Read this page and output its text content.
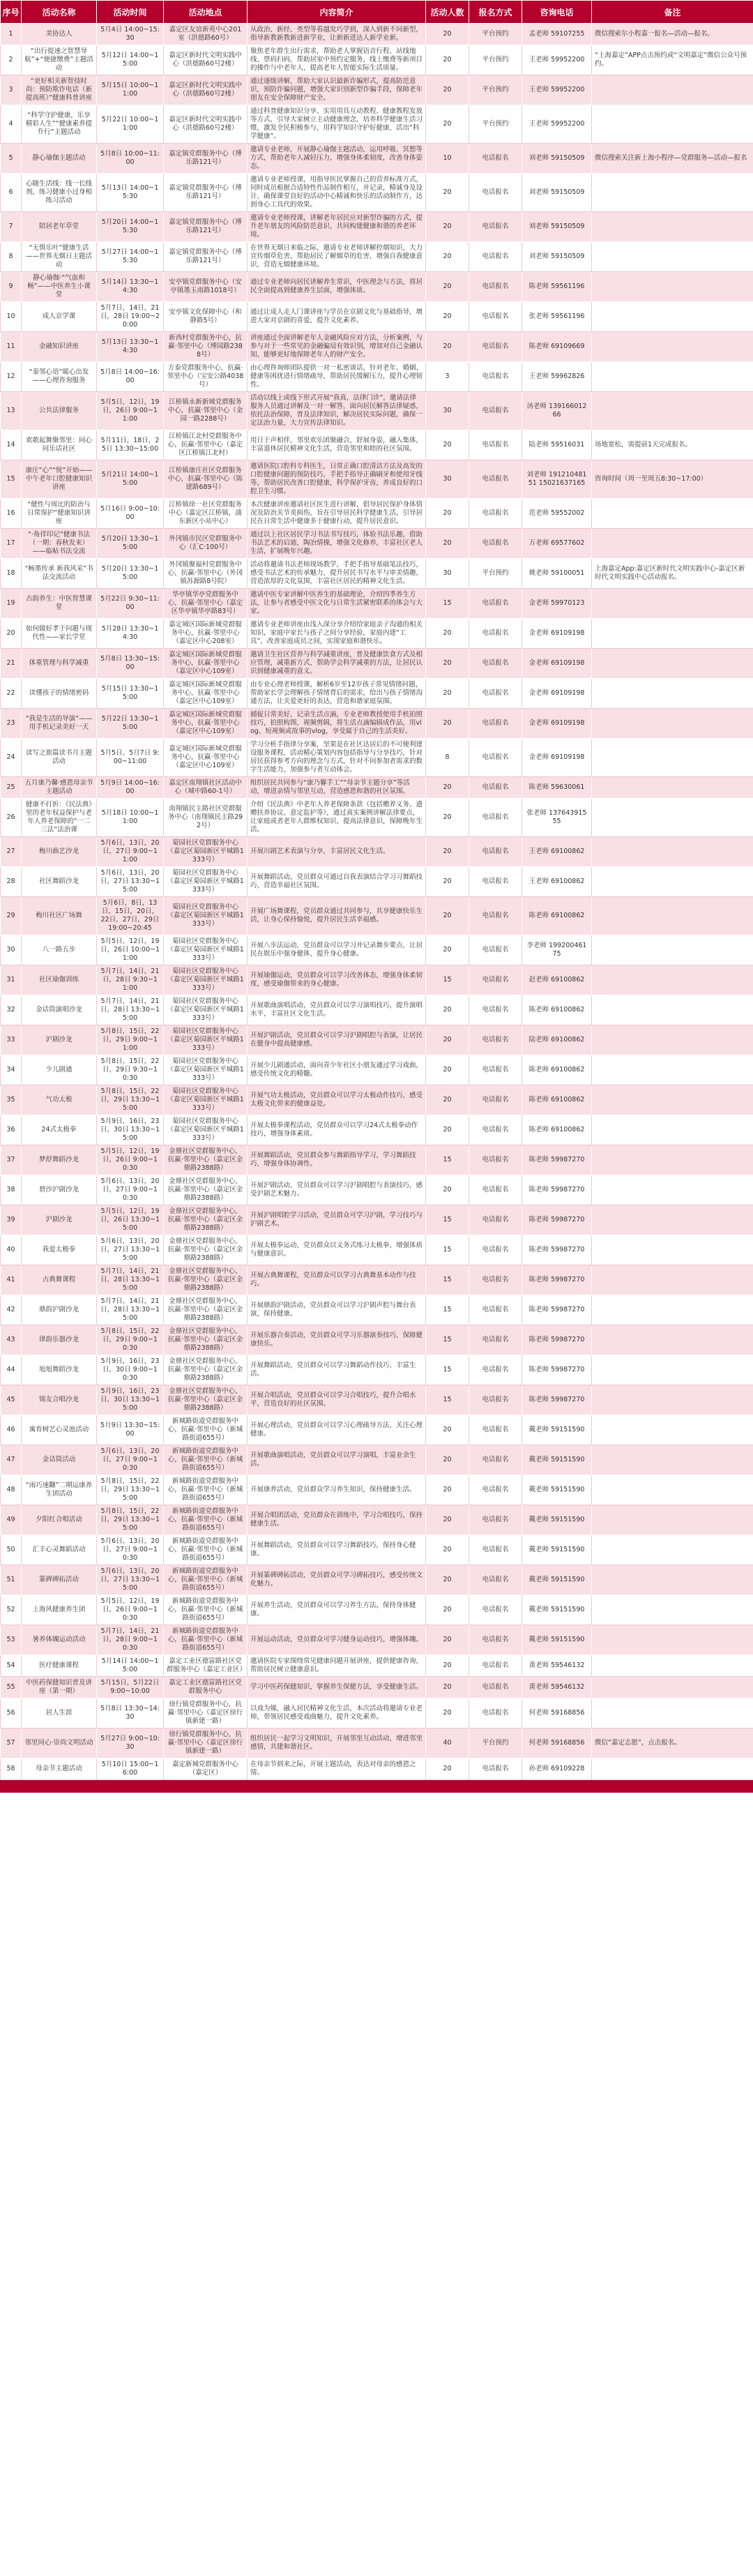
序号	活动名称	活动时间	活动地点	内容简介	活动人数	报名方式	咨询电话	备注
1	美协达人	5月4日 14:00~15:30	嘉定区友谊新苑中心201室（洪德路60号）	从政治、新经、类型等看越发巧学到，深入到新不同新型，指导新教新教新进新学业，让新新进达人新学业新。	20	平台预约	孟老师 59107255	微信搜索尔小程嘉一报名—活动—报名。
2	“出行提速之智慧导航”+“便捷缴费”主题活动	5月12日 14:00~15:00	嘉定区新时代文明实践中心（洪德路60号2楼）	聚焦老年群生出行需求，帮助老人掌握语音行程、站线地线、票码扫码，帮助居家中预约定服务，线上缴费等新项目的操作与中老年人，提高老年人智能实际生活质量。	20	平台预约	王老师 59952200	“上海嘉定”APP点击预约或“文明嘉定”微信公众号预约。
3	“更好相关新智技时尚：预防欺诈电话（新提高班）”健康科普讲座	5月15日 10:00~11:00	嘉定区新时代文明实践中心（洪德路60号2楼）	通过逐级讲解，帮助大家认识最新诈骗形式，提高防范意识，预防诈骗问题，增强大家识别新型诈骗手段，保障老年朋友在安全保障财产安全。	20	平台预约	王老师 59952200	
4	“科学守护健康，乐享精彩人生”“健康素养提升行”主题活动	5月22日 10:00~11:00	嘉定区新时代文明实践中心（洪德路60号2楼）	通过科普健康知识分享、实用用具互动教程、健康教程发放等方式，引导大家树立主动健康理念，培养科学健康生活习惯，激发全民积极参与，用科学知识守护好健康，活出“科学健康”。	20	平台预约	王老师 59952200	
5	静心瑜伽主题活动	5月8日 10:00~11:00	嘉定镇党群服务中心（博乐路121号）	邀请专业老师，开展静心瑜伽主题活动，运用呼吸、冥想等方式，帮助老年人减轻压力，增强身体柔韧度，改善身体姿态。	10	电话报名	刘老师 59150509	微信搜索关注新上海小程序—党群服务—活动—报名
6	心随生活线：线一长线剂，练习健康小过身相练习活动	5月13日 14:00~15:30	嘉定镇党群服务中心（博乐路121号）	邀请专业老师授课，用指导医民掌握自己的营养标准方式，同时成员根据合适特性作品制作相互，并记录，精诚身及设计，确保课堂良好的活动中心精诚和快乐的活动制作方，达到身心工具代的效果。	20	电话报名	刘老师 59150509	
7	陪居老年草堂	5月20日 14:00~15:30	嘉定镇党群服务中心（博乐路121号）	邀请专业老师授课，讲解老年居民应对新型诈骗的方式，提升老年朋友的风险防范意识，共同构建健康和谐的养老环境。	20	电话报名	刘老师 59150509	
8	“无惧乐叶”健康生活——世界无烟日主题活动	5月27日 14:00~15:30	嘉定镇党群服务中心（博乐路121号）	在世界无烟日来临之际，邀请专业老师讲解控烟知识，大力宣传烟草危害，帮助居民了解烟草的危害，增强自我健康意识，营造无烟健康环境。	20	电话报名	刘老师 59150509	
9	静心瑜伽·“气血和畅”——中医养生小课堂	5月14日 13:30~14:30	安亭镇党群服务中心（安亭镇墨玉南路1018号）	通过专业老师向居民讲解养生常识，中医理念与方法，将居民全面提高到健康养生层面，增强体质。	20	电话报名	陈老师 59561196	
10	成人京学课	5月7日，14日，21日，28日 19:00~20:00	安亭镇文化保障中心（和静路5号）	通过让成人走人门课讲座与学员在京剧文化与基础指导，增进大家对京剧的喜爱，提升文化素养。	20	电话报名	张老师 59561196	
11	金融知识讲座	5月13日 13:30~14:30	新西村党群服务中心，抗赢·邻里中心（博园路2388号）	讲座通过全面讲解老年人金融风险应对方法，分析案例，与参与对于一些常见的金融骗局有效识别，增加对自己金融认知，能够更好地保障老年人的财产安全。	20	电话报名	陈老师 69109669	
12	“泰邻心语”暖心出发——心理咨询服务	5月8日 14:00~16:00	方泰党群服务中心，抗赢·邻里中心（宝安公路4038号）	由心理咨询师团队提供一对一私密谈话，针对老年、婚姻、健康等困扰进行情绪疏导，帮助居民缓解压力，提升心理韧性。	3	电话报名	王老师 59962826	
13	公共法律服务	5月5日，12日，19日，26日 9:00~11:00	江桥镇永新新城党群服务中心，抗赢·邻里中心（金园一路2288号）	活动以线上或线下形式开展“我真，法律门诊”，邀请法律服务人员通过讲解及一对一解答，面向居民解答法律疑惑，依托法治保障，普及法律知识，解决居民实际问题，确保一定法治力量，大力宣传法律知识。	30	电话报名	汤老师 13916601266	
14	欢歌起舞聚邻里：同心同乐话社区	5月11日，18日，25日 13:30~15:00	江桥镇江北村党群服务中心，抗赢·邻里中心（嘉定区江桥镇江北村）	用日于声相伴，邻里欢乐团聚融合，舒展身姿，融入集体，丰富退休居民精神文化生活，营造邻里和睦的社区氛围。	20	电话报名	陆老师 59516031	场地宽松，需提前1天完成报名。
15	康庄“心”“悦”开始——中午老年口腔健康知识讲座	5月21日 14:00~15:00	江桥镇康庄社区党群服务中心，抗赢·邻里中心（陈建路689号）	邀请医院口腔科专科医生，日常正确口腔清洁方法及高发的口腔健康问题的预防技巧，手把手指导正确刷牙和使用牙线等，帮助居民改善口腔健康，科学保护牙齿，养成良好的口腔卫生习惯。	30	电话报名	刘老师 19121048151 15021637165	咨询时间（周一至周五8:30~17:00）
16	“健性与周比的防治与日常保护”健康知识讲座	5月16日 9:00~10:00	江桥镇徐一社区党群服务中心（嘉定区江桥镇，浦东新区小站中心）	本次健康讲座邀请社区医生进行讲解，倡导居民保护身体情况及防治关节炎损伤，旨在引导居民科学健康生活，引导居民在日常生活中健康多于健康行动，提升居民意识。	20	电话报名	范老师 59552002	
17	“·角徉印记”健康书法（一期：春秋发来）——临帖书法交流	5月20日 13:30~15:00	外冈镇市民区党群服务中心（汇C·100号）	通过以上社区居民学习书法书写技巧，体验书法乐趣，借助书法艺术的启迪，陶冶情操，增强文化修养，丰富社区老人生活，扩展晚年兴趣。	20	电话报名	万老师 69577602	
18	“畅墨传承 新我风采”书法交流活动	5月20日 13:30~15:00	外冈镇聚福村党群服务中心，抗赢·邻里中心（外冈镇苏源路8号院）	活动将邀请书法老师现场教学，手把手指导基础笔法技巧，感受书法艺术的传承魅力，提升居民书写水平与审美情趣，营造浓厚的文化氛围，丰富社区居民的精神文化生活。	30	平台预约	姚老师 59100051	上海嘉定App:嘉定区新时代文明实践中心-嘉定区新时代文明实践中心活动报名。
19	古韵养生：中医智慧课堂	5月22日 9:30~11:00	华亭镇华亭党群服务中心，抗赢·邻里中心（嘉定区华亭镇华亭路83号）	邀请中医专家讲解中医养生的基础理论，介绍四季养生方法，让参与者感受中医文化与日常生活紧密联系的体会与大家。	15	电话报名	金老师 59970123	
20	如何做好孝于问题与现代性——家长学堂	5月28日 13:30~14:30	嘉定城区国际新城党群服务中心，抗赢·邻里中心（嘉定区中心208室）	邀请专业老师讲座由浅入深分享介绍给家庭亲子沟通的相关知识，家庭中家长与孩子之间分享经验，家庭内建“工具”，改善家庭成员之间，实现家庭和谐快乐。	20	电话报名	金老师 69109198	
21	体重管理与科学减重	5月8日 13:30~15:00	嘉定城区国际新城党群服务中心，抗赢·邻里中心（嘉定区中心109室）	邀请卫生社区营养与科学减重讲座，普及健康饮食方式及相应管理，减重新方式，帮助学会科学减重的方法，让居民认识到健康减重的意义。	20	电话报名	金老师 69109198	
22	读懂孩子的情绪密码	5月15日 13:30~15:00	嘉定城区国际新城党群服务中心，抗赢·邻里中心（嘉定区中心109室）	由专业心理老师授课，解析6岁至12岁孩子常见情绪问题，帮助家长学会理解孩子情绪背后的需求，给出与孩子情绪沟通方法，让关爱更好的表达，营造和谐家庭氛围。	20	电话报名	金老师 69109198	
23	“我是生活的导演”——用手机记录美好一天	5月22日 13:30~15:00	嘉定城区国际新城党群服务中心，抗赢·邻里中心（嘉定区中心109室）	捕捉日常美好，记录生活点滴，专业老师教授使用手机拍照技巧，拍照构图，视频剪辑，将生活点滴编辑成作品，用vlog、短视频或故事的vlog，享受属于自己的生活美好。	20	电话报名	金老师 69109198	
24	读写之旅篇读书月主题活动	5月5日、5月7日 9:00~11:00	嘉定城区国际新城党群服务中心，抗赢·邻里中心（嘉定区中心109室）	学习分析手指律分享案，坚果是在社区达居后的不可便利建设服务课程，活动精心策划内容包括指导与分享技巧，针对居民获得参考方向的理念与方式，针对不同参加者需求的数字生活能力，加强参与者互动体会。	8	电话报名	金老师 69109198	
25	五月康乃馨·感恩母亲节主题活动	5月9日 14:00~16:00	嘉定区南翔镇社区活动中心（城中路60-1号）	组织居民共同参与“康乃馨手工”“母亲节主题分享”等活动，增进亲情与邻里互动，营造感恩和谐的社区氛围。	20	电话报名	陈老师 59630061	
26	健康不打折：《民法典》里的老年权益保护与老年人养老保障的“一二三法”法治课	5月18日 10:00~11:00	南翔镇民主路社区党群服务中心（南翔镇民主路292号）	介绍《民法典》中老年人养老保障条款（包括赡养义务、遗赠扶养协议、意定监护等），通过真实案例讲解法律要点，让家庭或者老年人群维权知识，提高法律意识，保障晚年生活。	20	电话报名	张老师 13764391555	
27	梅川曲艺沙龙	5月6日，13日，20日，27日 9:00~11:00	菊园社区党群服务中心（嘉定区菊园新区平城路1333号）	开展川剧艺术表演与分享，丰富居民文化生活。	20	电话报名	王老师 69100862	
28	社区舞蹈沙龙	5月6日，13日，20日，27日 13:30~15:00	菊园社区党群服务中心（嘉定区菊园新区平城路1333号）	开展舞蹈活动，党员群众可通过自我表演结合学习习舞蹈技巧，营造幸福社区氛围。	20	电话报名	王老师 69100862	
29	梅川社区广场舞	5月6日，8日，13日，15日，20日，22日，27日，29日 19:00~20:45	菊园社区党群服务中心（嘉定区菊园新区平城路1333号）	开展广场舞课程，党员群众通过共同参与，共享健康快乐生活，让身心保持愉悦，提升居民生活幸福感。	20	电话报名	陈老师 69100862	
30	八一路五步	5月5日，12日，19日，26日 10:00~11:00	菊园社区党群服务中心（嘉定区菊园新区平城路1333号）	开展八步法运动，党员群众可以学习并记录舞步要点，让居民在娱乐中强身健体，提升身心健康。	20	电话报名	李老师 19920046175	
31	社区瑜伽训练	5月7日，14日，21日，28日 9:30~11:00	菊园社区党群服务中心（嘉定区菊园新区平城路1333号）	开展瑜伽运动，党员群众可以学习改善体态，增强身体柔韧度，感受瑜伽带来的身心健康。	15	电话报名	赵老师 69100862	
32	金话筒演唱沙龙	5月7日，14日，21日，28日 13:30~15:00	菊园社区党群服务中心（嘉定区菊园新区平城路1333号）	开展歌曲演唱活动，党员群众可以学习演唱技巧，提升演唱水平，丰富社区文化生活。	20	电话报名	陈老师 69100862	
33	沪剧沙龙	5月8日，15日，22日，29日 9:00~11:00	菊园社区党群服务中心（嘉定区菊园新区平城路1333号）	开展沪剧活动，党员群众可以学习沪剧唱腔与表演，让居民在健身中提高健康感。	20	电话报名	陆老师 69100862	
34	少儿剧通	5月8日，15日，22日，29日 9:30~10:30	菊园社区党群服务中心（嘉定区菊园新区平城路1333号）	开展少儿剧通活动，面向青少年社区小朋友通过学习戏曲，感受传统文化的精髓。	20	电话报名	陈老师 69100862	
35	气功太极	5月8日，15日，22日，29日 13:30~15:00	菊园社区党群服务中心（嘉定区菊园新区平城路1333号）	开展气功太极活动，党员群众可以学习太极动作技巧，感受太极文化带来的健康益处。	20	电话报名	陈老师 69100862	
36	24式太极拳	5月9日，16日，23日，30日 13:30~15:00	菊园社区党群服务中心（嘉定区菊园新区平城路1333号）	开展太极拳课程活动，党员群众可以学习24式太极拳动作技巧，增强身体素质。	20	电话报名	陈老师 69100862	
37	梦舒舞蹈沙龙	5月5日，12日，19日，26日 9:00~10:30	金鼎社区党群服务中心，抗赢·邻里中心（嘉定区金鼎路2388路）	开展舞蹈活动，党员群众参与舞蹈指导学习，学习舞蹈技巧，增强身体协调性。	15	电话报名	陈老师 59987270	
38	碧沙沪剧沙龙	5月6日，13日，20日，27日 9:00~10:30	金鼎社区党群服务中心，抗赢·邻里中心（嘉定区金鼎路2388路）	开展沪剧活动，党员群众可以学习沪剧唱腔与表演技巧，感受沪剧艺术魅力。	20	电话报名	陈老师 59987270	
39	沪剧沙龙	5月5日，12日，19日，26日 13:30~15:00	金鼎社区党群服务中心，抗赢·邻里中心（嘉定区金鼎路2388路）	开展沪剧唱腔学习活动，党员群众可学习沪剧，学习技巧与沪剧艺术。	15	电话报名	陈老师 59987270	
40	我爱太极拳	5月6日，13日，20日，27日 13:30~15:00	金鼎社区党群服务中心，抗赢·邻里中心（嘉定区金鼎路2388路）	开展太极拳运动，党员群众以义务式练习太极拳，增强体质与健康意识。	15	电话报名	陈老师 59987270	
41	古典舞课程	5月7日，14日，21日，28日 13:30~15:00	金鼎社区党群服务中心，抗赢·邻里中心（嘉定区金鼎路2388路）	开展古典舞课程，党员群众可以学习古典舞基本动作与技巧。	15	电话报名	陈老师 59987270	
42	鼎韵沪剧沙龙	5月7日，14日，21日，28日 13:30~15:00	金鼎社区党群服务中心，抗赢·邻里中心（嘉定区金鼎路2388路）	开展鼎韵沪剧活动，党员群众可以学习沪剧声腔与舞台表演，保持健康。	15	电话报名	陈老师 59987270	
43	律韵乐器沙龙	5月8日，15日，22日，29日 9:00~10:30	金鼎社区党群服务中心，抗赢·邻里中心（嘉定区金鼎路2388路）	开展乐器合奏活动，党员群众可学习乐器演奏技巧，保障健康快乐。	15	电话报名	陈老师 59987270	
44	旭旭舞蹈沙龙	5月9日，16日，23日，30日 9:00~10:30	金鼎社区党群服务中心，抗赢·邻里中心（嘉定区金鼎路2388路）	开展舞蹈活动，党员群众可以学习舞蹈动作技巧，丰富生活。	15	电话报名	陈老师 59987270	
45	锦友合唱沙龙	5月9日，16日，23日，30日 13:30~15:00	金鼎社区党群服务中心，抗赢·邻里中心（嘉定区金鼎路2388路）	开展合唱活动，党员群众可以学习合唱技巧，提升合唱水平，营造良好的社区氛围。	15	电话报名	陈老师 59987270	
46	寓育树艺心灵池活动	5月9日 13:30~15:00	新城路街道党群服务中心，抗赢·邻里中心（新城路街道655号）	开展心理活动，党员群众可以学习心理疏导方法，关注心理健康。	20	电话报名	戴老师 59151590	
47	金话筒活动	5月6日，13日，20日，27日 9:00~10:30	新城路街道党群服务中心，抗赢·邻里中心（新城路街道655号）	开展歌曲演唱活动，党员群众可以学习演唱，丰富业余生活。	20	电话报名	戴老师 59151590	
48	“雨巧速翻”二期运康养生团活动	5月8日，15日，22日，29日 13:30~15:00	新城路街道党群服务中心，抗赢·邻里中心（新城路街道655号）	开展康养活动，党员群众学习养生知识，保持健康生活。	20	电话报名	戴老师 59151590	
49	夕阳红合唱活动	5月8日，15日，22日，29日 13:30~15:00	新城路街道党群服务中心，抗赢·邻里中心（新城路街道655号）	开展合唱团活动，党员群众在训练中，学习合唱技巧，保持健康生活。	20	电话报名	戴老师 59151590	
50	汇丰心灵舞蹈活动	5月6日，13日，20日，27日 9:00~10:30	新城路街道党群服务中心，抗赢·邻里中心（新城路街道655号）	开展舞蹈活动，党员群众可以学习舞蹈技巧，保持身心健康。	20	电话报名	戴老师 59151590	
51	篆碑碑拓活动	5月6日，13日，20日，27日 13:30~15:00	新城路街道党群服务中心，抗赢·邻里中心（新城路街道655号）	开展篆碑碑拓活动，党员群众可学习碑拓技巧，感受传统文化魅力。	20	电话报名	戴老师 59151590	
52	上海风健康养生团	5月5日，12日，19日，26日 9:00~10:30	新城路街道党群服务中心，抗赢·邻里中心（新城路街道655号）	开展养生活动，党员群众可以学习养生方法，保持身体健康。	20	电话报名	戴老师 59151590	
53	暑养体魄运动活动	5月7日，14日，21日，28日 9:00~10:30	新城路街道党群服务中心，抗赢·邻里中心（新城路街道655号）	开展运动活动，党员群众可学习健身运动技巧，增强体魄。	20	电话报名	戴老师 59151590	
54	医疗健康课程	5月14日 14:00~15:00	嘉定工业区德富路社区党群服务中心（嘉定工业区）	邀请医院专家围绕常见健康问题开展讲座，提供健康咨询，帮助居民树立健康意识。	20	电话报名	黄老师 59546132	
55	中医药保健知识普及讲座（第一期）	5月15日，5月22日 9:00~10:00	嘉定工业区德富路社区党群服务中心	学习中医药保健知识，掌握养生保健方法，享受健康生活。	20	电话报名	黄老师 59546132	
56	居人生涯	5月8日 13:30~14:30	徐行镇党群服务中心，抗赢·邻里中心（嘉定区徐行镇新建一路）	以戏为媒，融入居民精神文化生活，本次活动将邀请专业老师，带领居民感受戏曲魅力，提升文化素养。	20	电话报名	何老师 59168856	
57	邻里同心·崇尚文明活动	5月27日 9:00~10:30	徐行镇党群服务中心，抗赢·邻里中心（嘉定区徐行镇新建一路）	组织居民一起学习文明知识，开展邻里互动活动，增进邻里感情，共建和谐社区。	40	平台预约	何老师 59168856	微信“嘉定志愿”，点击报名。
58	母亲节主题活动	5月10日 15:00~16:00	嘉定新城党群服务中心（嘉定区）	在母亲节到来之际，开展主题活动，表达对母亲的感恩之情。	20	电话报名	孙老师 69109228	
